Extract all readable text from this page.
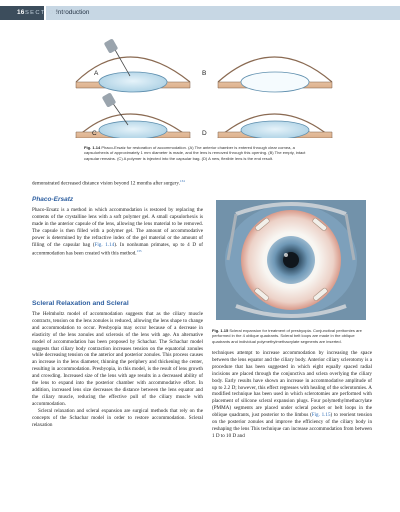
16	Introduction
SECTION I
A	B
C	D
Fig. 1.14 Phaco-Ersatz for restoration of accommodation. (A) The anterior chamber is entered through clear cornea, a capsulorhexis of approximately 1 mm diameter is made, and the lens is removed through this opening. (B) The empty, intact capsular remains. (C) A polymer is injected into the capsular bag. (D) A new, flexible lens is the end result.
demonstrated decreased distance vision beyond 12 months after surgery.$^{134}$
Phaco-Ersatz
Phaco-Ersatz is a method in which accommodation is restored by replacing the contents of the crystalline lens with a soft polymer gel. A small capsulorhexis is made in the anterior capsule of the lens, allowing the lens material to be removed. The capsule is then filled with a polymer gel. The amount of accommodative power is determined by the refractive index of the gel material or the amount of filling of the capsular bag (Fig. 1.14). In nonhuman primates, up to 4 D of accommodation has been created with this method.$^{135}$
Scleral Relaxation and Scleral
The Helmholtz model of accommodation suggests that as the ciliary muscle contracts, tension on the lens zonules is reduced, allowing the lens shape to change and accommodation to occur. Presbyopia may occur because of a decrease in elasticity of the lens zonules and sclerosis of the lens with age. An alternative model of accommodation has been proposed by Schachar. The Schachar model suggests that ciliary body contraction increases tension on the equatorial zonules while decreasing tension on the anterior and posterior zonules. This process causes an increase in the lens diameter, thinning the periphery and thickening the center, resulting in accommodation. Presbyopia, in this model, is the result of lens growth and crowding. Increased size of the lens with age results in a decreased ability of the lens to expand into the posterior chamber with accommodative effort. In addition, increased lens size decreases the distance between the lens equator and the ciliary muscle, reducing the effective pull of the ciliary muscle with accommodation.
Scleral relaxation and scleral expansion are surgical methods that rely on the concepts of the Schachar model in order to restore accommodation. Scleral relaxation
Fig. 1.15 Scleral expansion for treatment of presbyopia. Conjunctival peritomies are performed in the 4 oblique quadrants. Scleral belt loops are made in the oblique quadrants and individual polymethylmethacrylate segments are inserted.
techniques attempt to increase accommodation by increasing the space between the lens equator and the ciliary body. Anterior ciliary sclerotomy is a procedure that has been suggested in which eight equally spaced radial incisions are placed through the conjunctiva and sclera overlying the ciliary body. Early results have shown an increase in accommodative amplitude of up to 2.2 D; however, this effect regresses with healing of the sclerotomies. A modified technique has been used in which sclerotomies are performed with placement of silicone scleral expansion plugs. Four polymethylmethacrylate (PMMA) segments are placed under scleral pocket or belt loops in the oblique quadrants, just posterior to the limbus (Fig. 1.15) to reorient tension on the posterior zonules and improve the efficiency of the ciliary body in reshaping the lens This technique can increase accommodation from between 1 D to 10 D and
